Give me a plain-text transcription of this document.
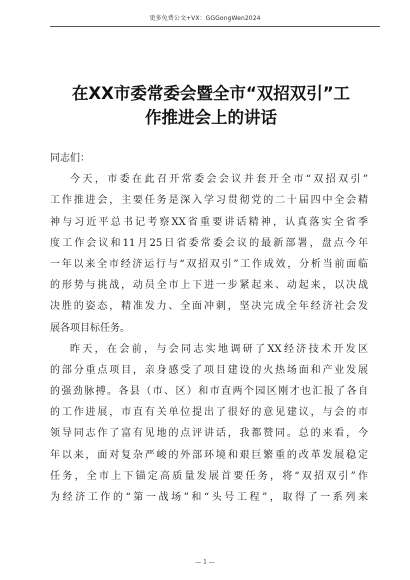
更多免费公文+VX：GGGongWen2024
在XX市委常委会暨全市“双招双引”工
作推进会上的讲话
同志们：
今天，市委在此召开常委会会议并套开全市“双招双引”
工作推进会，主要任务是深入学习贯彻党的二十届四中全会精
神与习近平总书记考察XX省重要讲话精神，认真落实全省季
度工作会议和11月25日省委常委会议的最新部署，盘点今年
一年以来全市经济运行与“双招双引”工作成效，分析当前面临
的形势与挑战，动员全市上下进一步紧起来、动起来，以决战
决胜的姿态，精准发力、全面冲刺，坚决完成全年经济社会发
展各项目标任务。
昨天，在会前，与会同志实地调研了XX经济技术开发区
的部分重点项目，亲身感受了项目建设的火热场面和产业发展
的强劲脉搏。各县（市、区）和市直两个园区刚才也汇报了各自
的工作进展，市直有关单位提出了很好的意见建议，与会的市
领导同志作了富有见地的点评讲话，我都赞同。总的来看，今
年以来，面对复杂严峻的外部环境和艰巨繁重的改革发展稳定
任务，全市上下锚定高质量发展首要任务，将“双招双引”作
为经济工作的“第一战场”和“头号工程”，取得了一系列来
— 1 —
